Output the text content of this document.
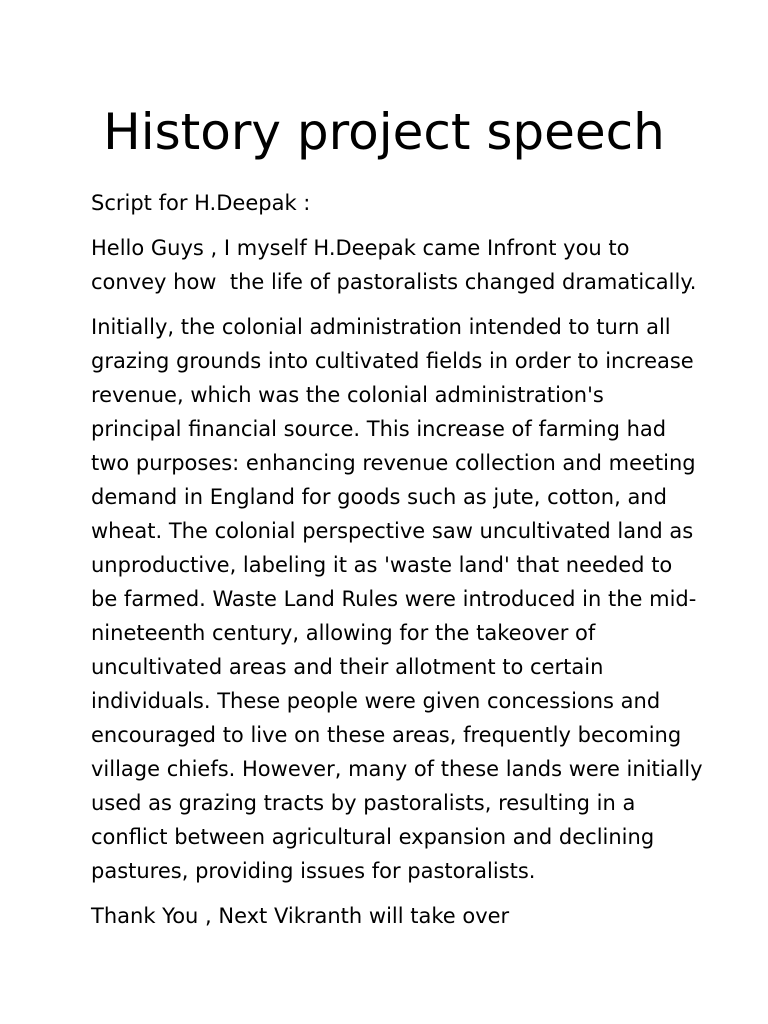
History project speech

Script for H.Deepak :

Hello Guys , I myself H.Deepak came Infront you to
convey how  the life of pastoralists changed dramatically.

Initially, the colonial administration intended to turn all
grazing grounds into cultivated fields in order to increase
revenue, which was the colonial administration's
principal financial source. This increase of farming had
two purposes: enhancing revenue collection and meeting
demand in England for goods such as jute, cotton, and
wheat. The colonial perspective saw uncultivated land as
unproductive, labeling it as 'waste land' that needed to
be farmed. Waste Land Rules were introduced in the mid-
nineteenth century, allowing for the takeover of
uncultivated areas and their allotment to certain
individuals. These people were given concessions and
encouraged to live on these areas, frequently becoming
village chiefs. However, many of these lands were initially
used as grazing tracts by pastoralists, resulting in a
conflict between agricultural expansion and declining
pastures, providing issues for pastoralists.

Thank You , Next Vikranth will take over
